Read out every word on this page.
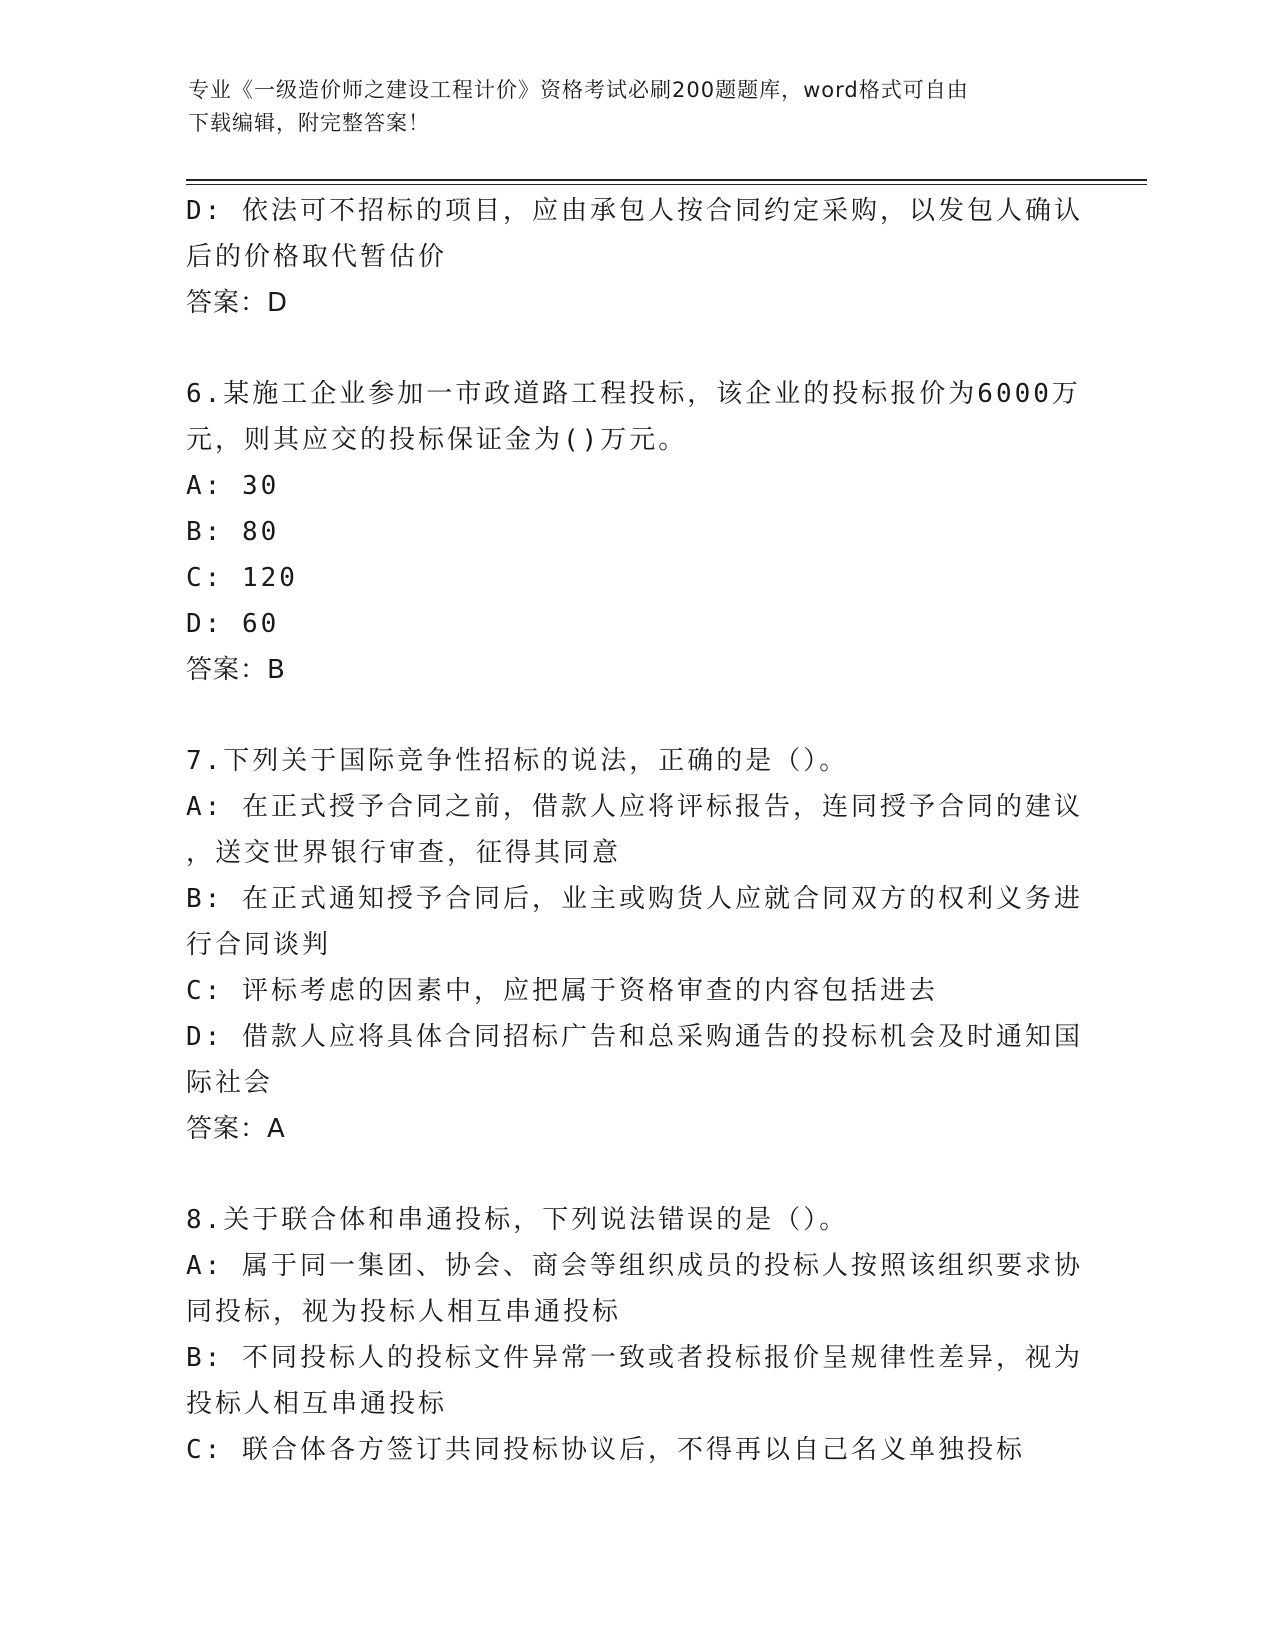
专业《一级造价师之建设工程计价》资格考试必刷200题题库，word格式可自由
下载编辑，附完整答案！
D: 依法可不招标的项目，应由承包人按合同约定采购，以发包人确认
后的价格取代暂估价
答案：D
6.某施工企业参加一市政道路工程投标，该企业的投标报价为6000万
元，则其应交的投标保证金为()万元。
A: 30
B: 80
C: 120
D: 60
答案：B
7.下列关于国际竞争性招标的说法，正确的是（）。
A: 在正式授予合同之前，借款人应将评标报告，连同授予合同的建议
，送交世界银行审查，征得其同意
B: 在正式通知授予合同后，业主或购货人应就合同双方的权利义务进
行合同谈判
C: 评标考虑的因素中，应把属于资格审查的内容包括进去
D: 借款人应将具体合同招标广告和总采购通告的投标机会及时通知国
际社会
答案：A
8.关于联合体和串通投标，下列说法错误的是（）。
A: 属于同一集团、协会、商会等组织成员的投标人按照该组织要求协
同投标，视为投标人相互串通投标
B: 不同投标人的投标文件异常一致或者投标报价呈规律性差异，视为
投标人相互串通投标
C: 联合体各方签订共同投标协议后，不得再以自己名义单独投标
